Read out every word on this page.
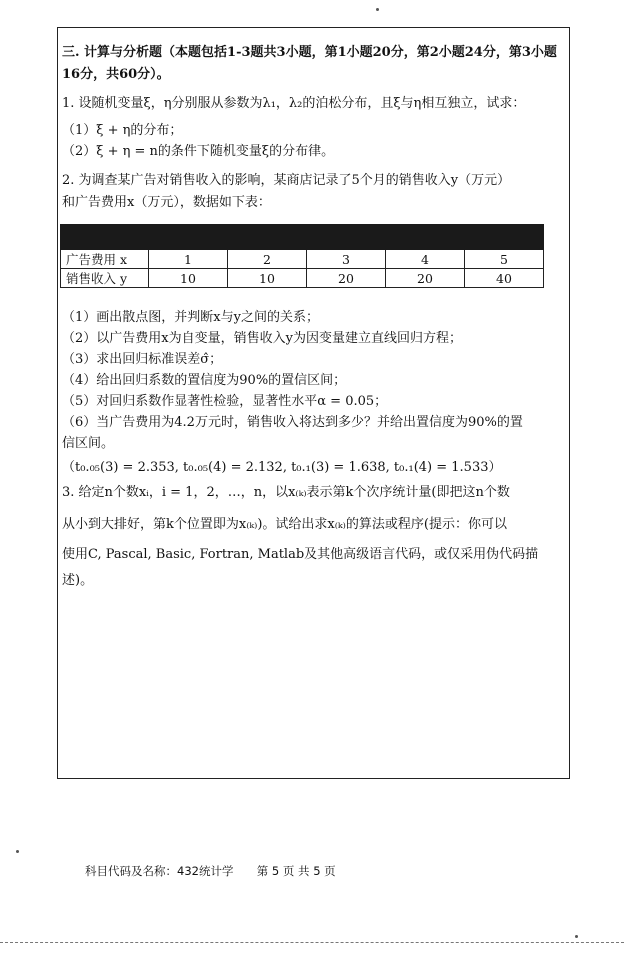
三. 计算与分析题（本题包括1-3题共3小题，第1小题20分，第2小题24分，第3小题
16分，共60分）。
1. 设随机变量ξ，η分别服从参数为λ₁，λ₂的泊松分布，且ξ与η相互独立，试求：
（1）ξ + η的分布；
（2）ξ + η = n的条件下随机变量ξ的分布律。
2. 为调查某广告对销售收入的影响，某商店记录了5个月的销售收入y（万元）
和广告费用x（万元），数据如下表：

广告费用 x	1	2	3	4	5
销售收入 y	10	10	20	20	40
（1）画出散点图，并判断x与y之间的关系；
（2）以广告费用x为自变量，销售收入y为因变量建立直线回归方程；
（3）求出回归标准误差σ̂；
（4）给出回归系数的置信度为90%的置信区间；
（5）对回归系数作显著性检验，显著性水平α = 0.05；
（6）当广告费用为4.2万元时，销售收入将达到多少？并给出置信度为90%的置
信区间。
（t₀.₀₅(3) = 2.353, t₀.₀₅(4) = 2.132, t₀.₁(3) = 1.638, t₀.₁(4) = 1.533）
3. 给定n个数xᵢ，i = 1，2，…，n，以x₍ₖ₎表示第k个次序统计量(即把这n个数
从小到大排好，第k个位置即为x₍ₖ₎)。试给出求x₍ₖ₎的算法或程序(提示：你可以
使用C, Pascal, Basic, Fortran, Matlab及其他高级语言代码，或仅采用伪代码描
述)。
科目代码及名称：432统计学 第 5 页 共 5 页
